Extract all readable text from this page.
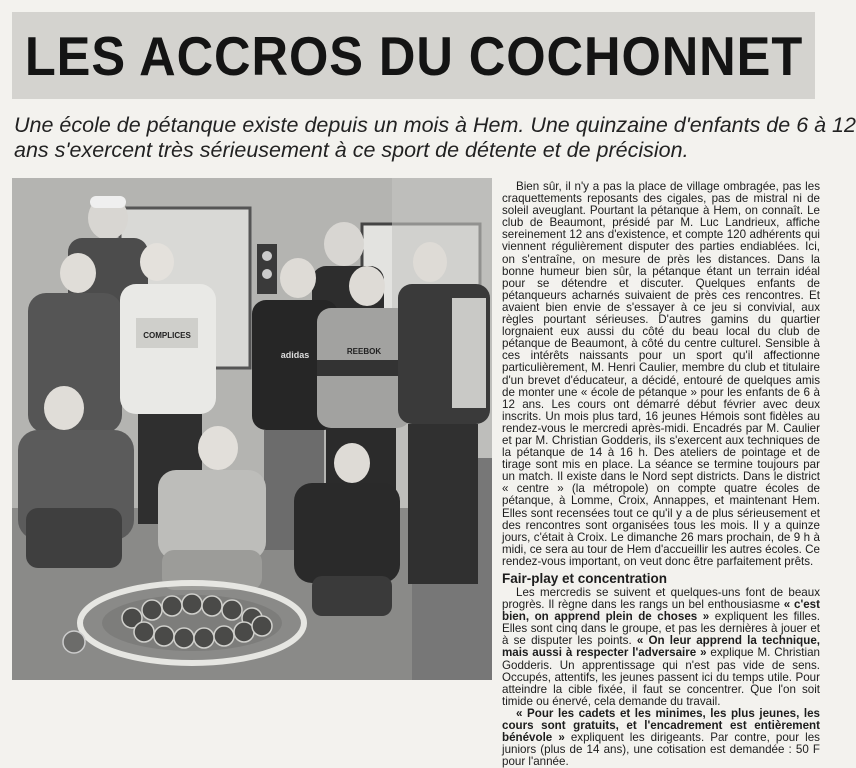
LES ACCROS DU COCHONNET
Une école de pétanque existe depuis un mois à Hem. Une quinzaine d'enfants de 6 à 12
ans s'exercent très sérieusement à ce sport de détente et de précision.
COMPLICES
adidas	REEBOK

Bien sûr, il n'y a pas la place de village ombragée, pas les craquettements reposants des cigales, pas de mistral ni de soleil aveuglant. Pourtant la pétanque à Hem, on connaît. Le club de Beaumont, présidé par M. Luc Landrieux, affiche sereinement 12 ans d'existence, et compte 120 adhérents qui viennent régulièrement disputer des parties endiablées. Ici, on s'entraîne, on mesure de près les distances. Dans la bonne humeur bien sûr, la pétanque étant un terrain idéal pour se détendre et discuter. Quelques enfants de pétanqueurs acharnés suivaient de près ces rencontres. Et avaient bien envie de s'essayer à ce jeu si convivial, aux règles pourtant sérieuses. D'autres gamins du quartier lorgnaient eux aussi du côté du beau local du club de pétanque de Beaumont, à côté du centre culturel. Sensible à ces intérêts naissants pour un sport qu'il affectionne particulièrement, M. Henri Caulier, membre du club et titulaire d'un brevet d'éducateur, a décidé, entouré de quelques amis de monter une « école de pétanque » pour les enfants de 6 à 12 ans. Les cours ont démarré début février avec deux inscrits. Un mois plus tard, 16 jeunes Hémois sont fidèles au rendez-vous le mercredi après-midi. Encadrés par M. Caulier et par M. Christian Godderis, ils s'exercent aux techniques de la pétanque de 14 à 16 h. Des ateliers de pointage et de tirage sont mis en place. La séance se termine toujours par un match. Il existe dans le Nord sept districts. Dans le district « centre » (la métropole) on compte quatre écoles de pétanque, à Lomme, Croix, Annappes, et maintenant Hem. Elles sont recensées tout ce qu'il y a de plus sérieusement et des rencontres sont organisées tous les mois. Il y a quinze jours, c'était à Croix. Le dimanche 26 mars prochain, de 9 h à midi, ce sera au tour de Hem d'accueillir les autres écoles. Ce rendez-vous important, on veut donc être parfaitement prêts.

Fair-play et concentration

Les mercredis se suivent et quelques-uns font de beaux progrès. Il règne dans les rangs un bel enthousiasme « c'est bien, on apprend plein de choses » expliquent les filles. Elles sont cinq dans le groupe, et pas les dernières à jouer et à se disputer les points. « On leur apprend la technique, mais aussi à respecter l'adversaire » explique M. Christian Godderis. Un apprentissage qui n'est pas vide de sens. Occupés, attentifs, les jeunes passent ici du temps utile. Pour atteindre la cible fixée, il faut se concentrer. Que l'on soit timide ou énervé, cela demande du travail.

« Pour les cadets et les minimes, les plus jeunes, les cours sont gratuits, et l'encadrement est entièrement bénévole » expliquent les dirigeants. Par contre, pour les juniors (plus de 14 ans), une cotisation est demandée : 50 F pour l'année.
